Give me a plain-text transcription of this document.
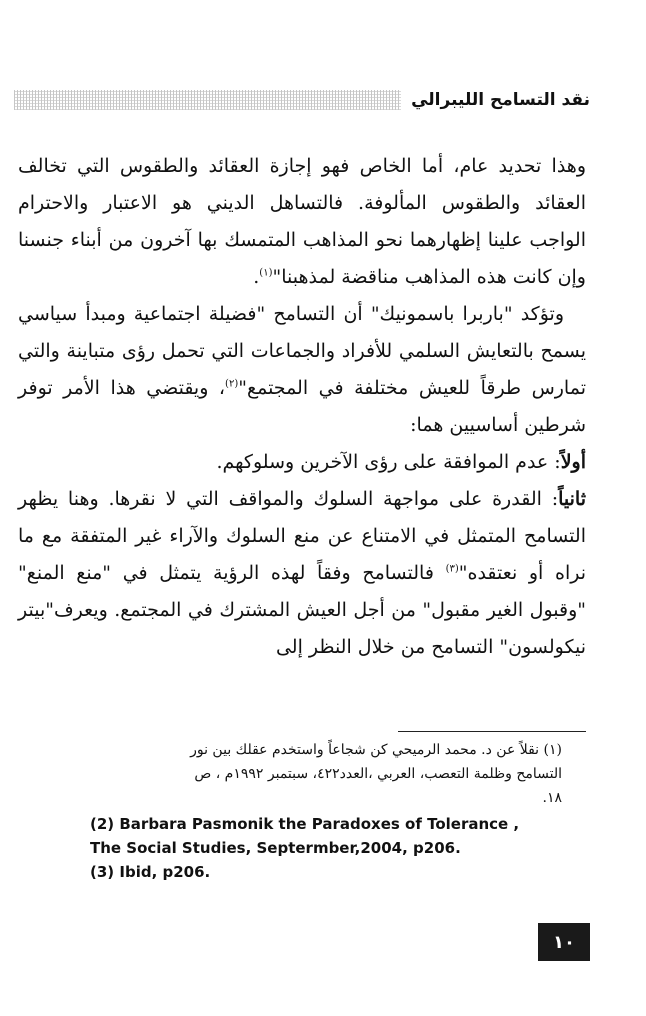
نقد التسامح الليبرالي

وهذا تحديد عام، أما الخاص فهو إجازة العقائد والطقوس التي تخالف العقائد والطقوس المألوفة. فالتساهل الديني هو الاعتبار والاحترام الواجب علينا إظهارهما نحو المذاهب المتمسك بها آخرون من أبناء جنسنا وإن كانت هذه المذاهب مناقضة لمذهبنا"$^{(١)}$.

وتؤكد "باربرا باسمونيك" أن التسامح "فضيلة اجتماعية ومبدأ سياسي يسمح بالتعايش السلمي للأفراد والجماعات التي تحمل رؤى متباينة والتي تمارس طرقاً للعيش مختلفة في المجتمع"$^{(٢)}$، ويقتضي هذا الأمر توفر شرطين أساسيين هما:

أولاً: عدم الموافقة على رؤى الآخرين وسلوكهم.

ثانياً: القدرة على مواجهة السلوك والمواقف التي لا نقرها. وهنا يظهر التسامح المتمثل في الامتناع عن منع السلوك والآراء غير المتفقة مع ما نراه أو نعتقده"$^{(٣)}$ فالتسامح وفقاً لهذه الرؤية يتمثل في "منع المنع" "وقبول الغير مقبول" من أجل العيش المشترك في المجتمع. ويعرف"بيتر نيكولسون" التسامح من خلال النظر إلى

(١) نقلاً عن د. محمد الرميحي كن شجاعاً واستخدم عقلك بين نور

التسامح وظلمة التعصب، العربي ،العدد٤٢٢، سبتمبر ١٩٩٢م ، ص

١٨.

(2) Barbara Pasmonik the Paradoxes of Tolerance ,

The Social Studies, Septermber,2004, p206.

(3) Ibid, p206.

١٠
